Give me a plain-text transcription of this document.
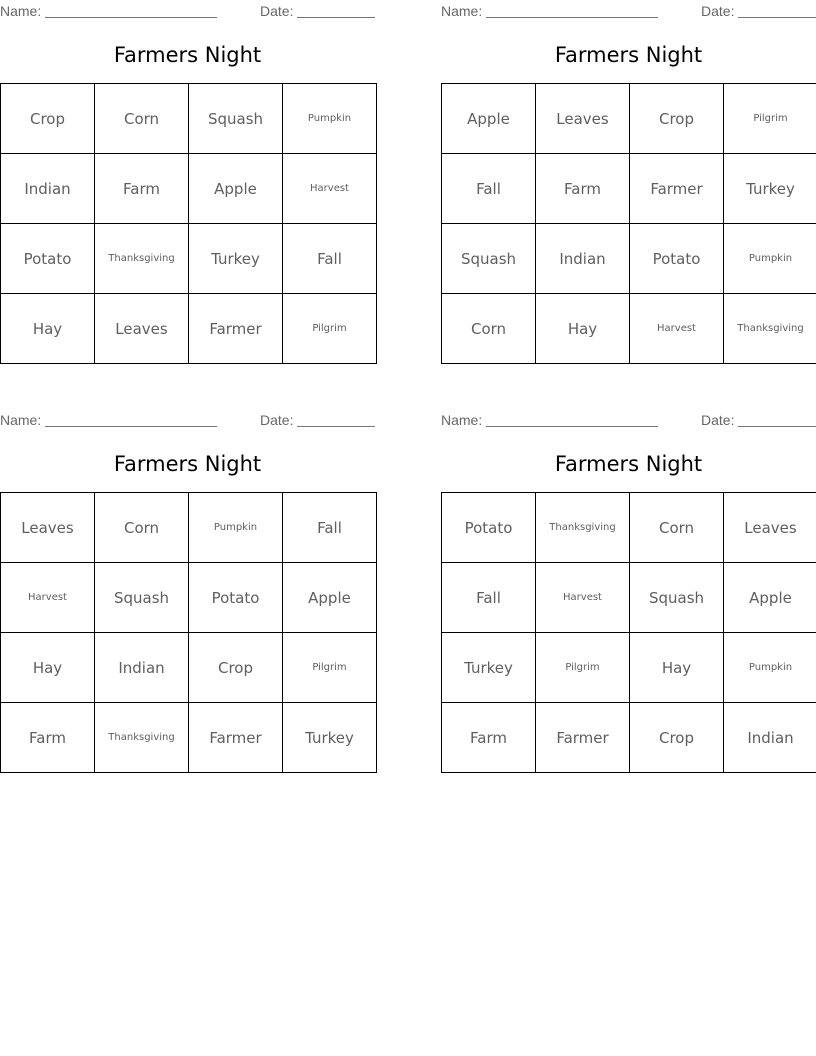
Name:	Date:
Farmers Night
Crop	Corn	Squash	Pumpkin
Indian	Farm	Apple	Harvest
Potato	Thanksgiving	Turkey	Fall
Hay	Leaves	Farmer	Pilgrim
Name:	Date:
Farmers Night
Apple	Leaves	Crop	Pilgrim
Fall	Farm	Farmer	Turkey
Squash	Indian	Potato	Pumpkin
Corn	Hay	Harvest	Thanksgiving
Name:	Date:
Farmers Night
Leaves	Corn	Pumpkin	Fall
Harvest	Squash	Potato	Apple
Hay	Indian	Crop	Pilgrim
Farm	Thanksgiving	Farmer	Turkey
Name:	Date:
Farmers Night
Potato	Thanksgiving	Corn	Leaves
Fall	Harvest	Squash	Apple
Turkey	Pilgrim	Hay	Pumpkin
Farm	Farmer	Crop	Indian
